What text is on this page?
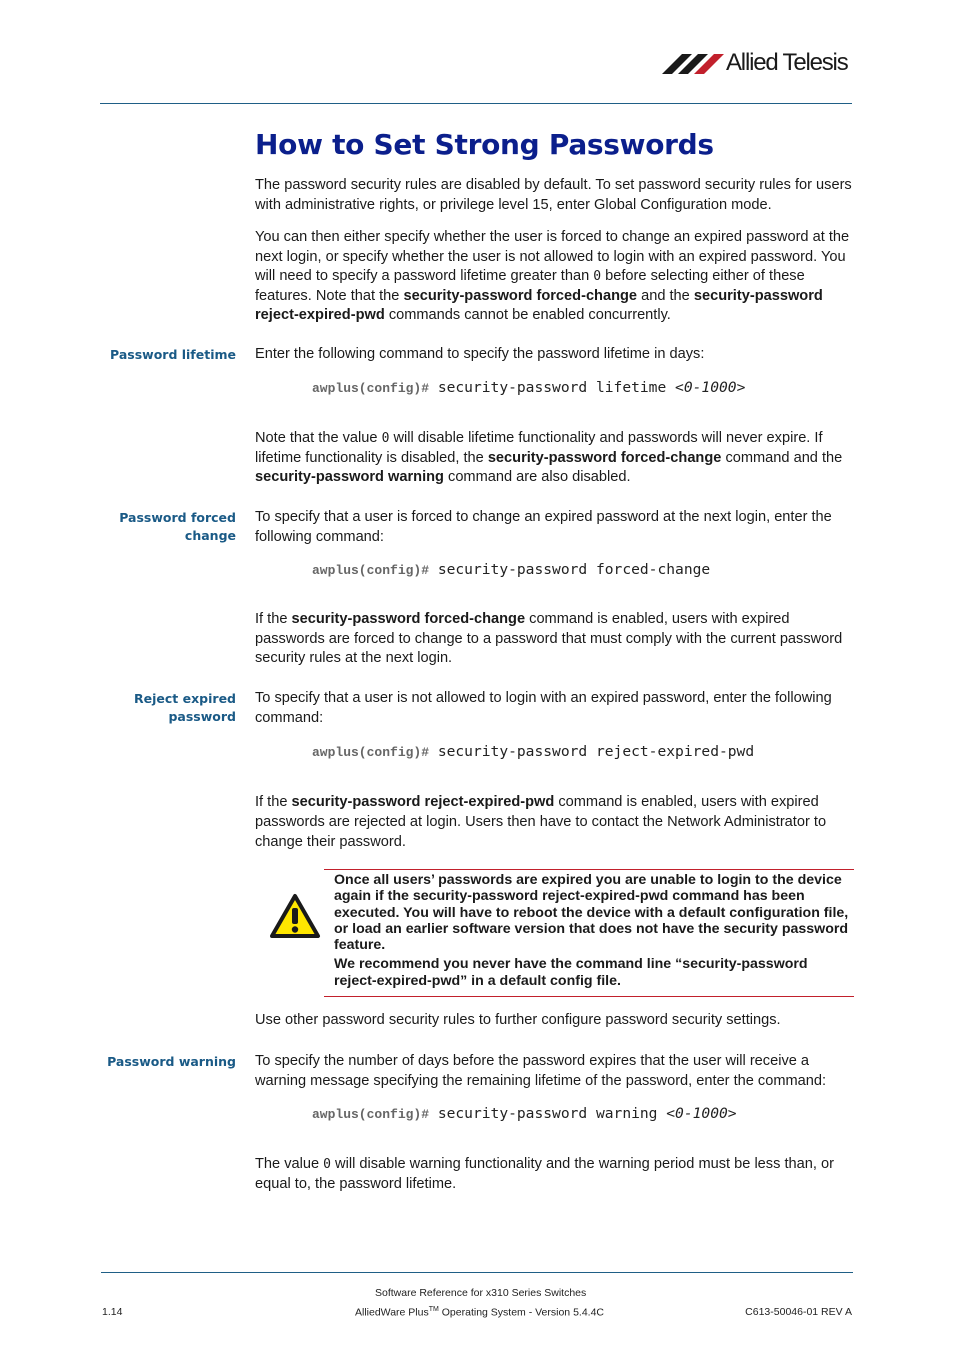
Allied Telesis
How to Set Strong Passwords

The password security rules are disabled by default. To set password security rules for users with administrative rights, or privilege level 15, enter Global Configuration mode.

You can then either specify whether the user is forced to change an expired password at the next login, or specify whether the user is not allowed to login with an expired password. You will need to specify a password lifetime greater than 0 before selecting either of these features. Note that the security-password forced-change and the security-password reject-expired-pwd commands cannot be enabled concurrently.

Password lifetime Enter the following command to specify the password lifetime in days:

awplus(config)# security-password lifetime <0-1000>

Note that the value 0 will disable lifetime functionality and passwords will never expire. If lifetime functionality is disabled, the security-password forced-change command and the security-password warning command are also disabled.

Password forced
change

To specify that a user is forced to change an expired password at the next login, enter the following command:

awplus(config)# security-password forced-change

If the security-password forced-change command is enabled, users with expired passwords are forced to change to a password that must comply with the current password security rules at the next login.

Reject expired
password

To specify that a user is not allowed to login with an expired password, enter the following command:

awplus(config)# security-password reject-expired-pwd

If the security-password reject-expired-pwd command is enabled, users with expired passwords are rejected at login. Users then have to contact the Network Administrator to change their password.

Once all users’ passwords are expired you are unable to login to the device again if the security-password reject-expired-pwd command has been executed. You will have to reboot the device with a default configuration file, or load an earlier software version that does not have the security password feature.
We recommend you never have the command line “security-password reject-expired-pwd” in a default config file.

Use other password security rules to further configure password security settings.

Password warning To specify the number of days before the password expires that the user will receive a warning message specifying the remaining lifetime of the password, enter the command:

awplus(config)# security-password warning <0-1000>

The value 0 will disable warning functionality and the warning period must be less than, or equal to, the password lifetime.

Software Reference for x310 Series Switches
1.14	AlliedWare Plus™ Operating System - Version 5.4.4C	C613-50046-01 REV A
